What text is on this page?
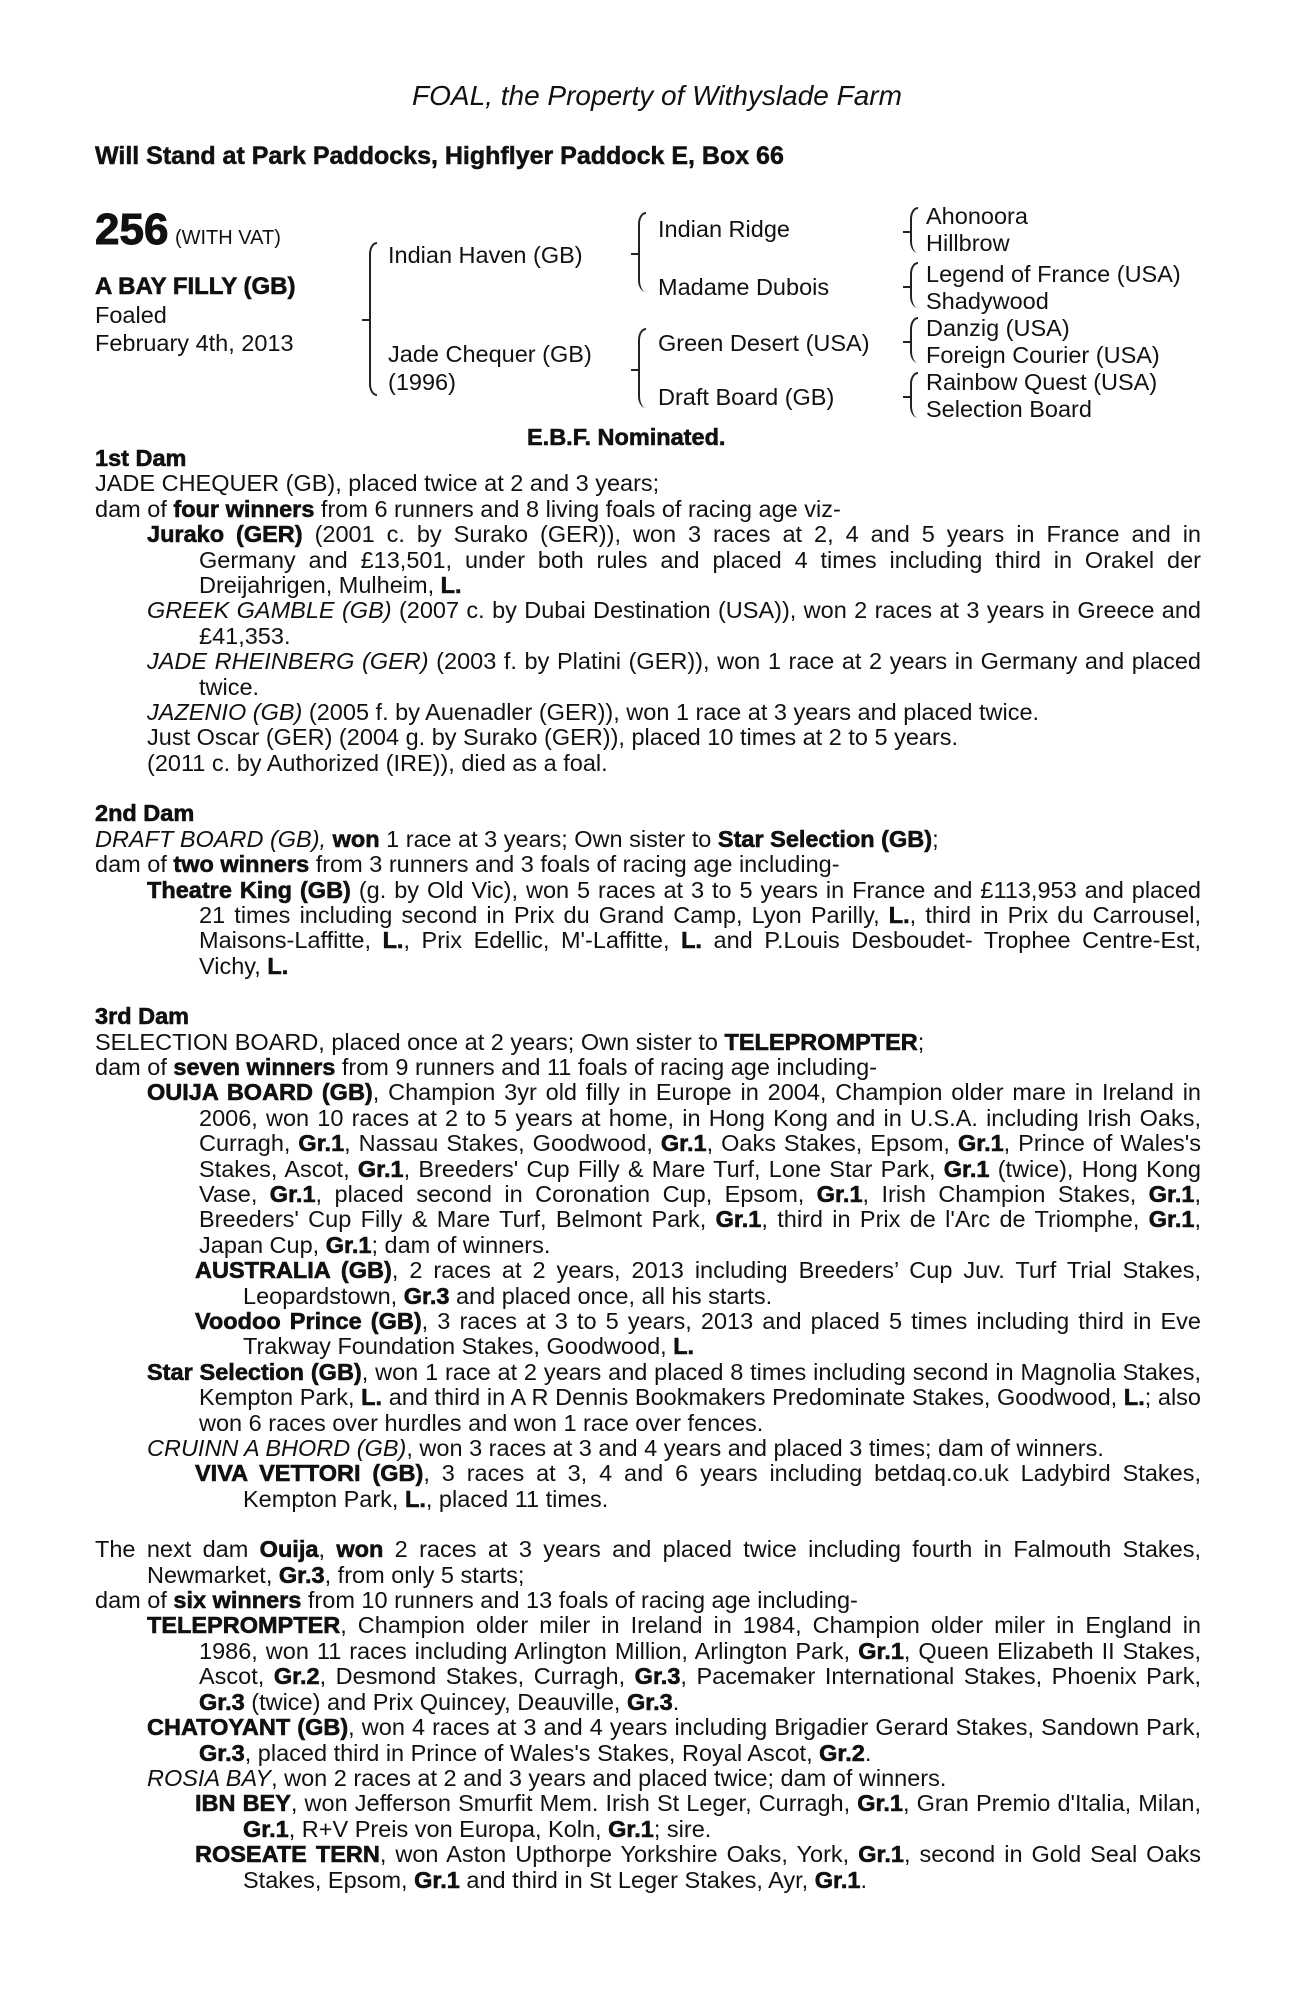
FOAL, the Property of Withyslade Farm
Will Stand at Park Paddocks, Highflyer Paddock E, Box 66
256 (WITH VAT)
A BAY FILLY (GB)
Foaled
February 4th, 2013
Indian Haven (GB)
Jade Chequer (GB)
(1996)
Indian Ridge
Madame Dubois
Green Desert (USA)
Draft Board (GB)
Ahonoora
Hillbrow
Legend of France (USA)
Shadywood
Danzig (USA)
Foreign Courier (USA)
Rainbow Quest (USA)
Selection Board
E.B.F. Nominated.
1st Dam
JADE CHEQUER (GB), placed twice at 2 and 3 years;
dam of four winners from 6 runners and 8 living foals of racing age viz-
Jurako (GER) (2001 c. by Surako (GER)), won 3 races at 2, 4 and 5 years in France and in Germany and £13,501, under both rules and placed 4 times including third in Orakel der Dreijahrigen, Mulheim, L.
GREEK GAMBLE (GB) (2007 c. by Dubai Destination (USA)), won 2 races at 3 years in Greece and £41,353.
JADE RHEINBERG (GER) (2003 f. by Platini (GER)), won 1 race at 2 years in Germany and placed twice.
JAZENIO (GB) (2005 f. by Auenadler (GER)), won 1 race at 3 years and placed twice.
Just Oscar (GER) (2004 g. by Surako (GER)), placed 10 times at 2 to 5 years.
(2011 c. by Authorized (IRE)), died as a foal.
2nd Dam
DRAFT BOARD (GB), won 1 race at 3 years; Own sister to Star Selection (GB);
dam of two winners from 3 runners and 3 foals of racing age including-
Theatre King (GB) (g. by Old Vic), won 5 races at 3 to 5 years in France and £113,953 and placed 21 times including second in Prix du Grand Camp, Lyon Parilly, L., third in Prix du Carrousel, Maisons-Laffitte, L., Prix Edellic, M'-Laffitte, L. and P.Louis Desboudet- Trophee Centre-Est, Vichy, L.
3rd Dam
SELECTION BOARD, placed once at 2 years; Own sister to TELEPROMPTER;
dam of seven winners from 9 runners and 11 foals of racing age including-
OUIJA BOARD (GB), Champion 3yr old filly in Europe in 2004, Champion older mare in Ireland in 2006, won 10 races at 2 to 5 years at home, in Hong Kong and in U.S.A. including Irish Oaks, Curragh, Gr.1, Nassau Stakes, Goodwood, Gr.1, Oaks Stakes, Epsom, Gr.1, Prince of Wales's Stakes, Ascot, Gr.1, Breeders' Cup Filly & Mare Turf, Lone Star Park, Gr.1 (twice), Hong Kong Vase, Gr.1, placed second in Coronation Cup, Epsom, Gr.1, Irish Champion Stakes, Gr.1, Breeders' Cup Filly & Mare Turf, Belmont Park, Gr.1, third in Prix de l'Arc de Triomphe, Gr.1, Japan Cup, Gr.1; dam of winners.
AUSTRALIA (GB), 2 races at 2 years, 2013 including Breeders’ Cup Juv. Turf Trial Stakes, Leopardstown, Gr.3 and placed once, all his starts.
Voodoo Prince (GB), 3 races at 3 to 5 years, 2013 and placed 5 times including third in Eve Trakway Foundation Stakes, Goodwood, L.
Star Selection (GB), won 1 race at 2 years and placed 8 times including second in Magnolia Stakes, Kempton Park, L. and third in A R Dennis Bookmakers Predominate Stakes, Goodwood, L.; also won 6 races over hurdles and won 1 race over fences.
CRUINN A BHORD (GB), won 3 races at 3 and 4 years and placed 3 times; dam of winners.
VIVA VETTORI (GB), 3 races at 3, 4 and 6 years including betdaq.co.uk Ladybird Stakes, Kempton Park, L., placed 11 times.
The next dam Ouija, won 2 races at 3 years and placed twice including fourth in Falmouth Stakes, Newmarket, Gr.3, from only 5 starts;
dam of six winners from 10 runners and 13 foals of racing age including-
TELEPROMPTER, Champion older miler in Ireland in 1984, Champion older miler in England in 1986, won 11 races including Arlington Million, Arlington Park, Gr.1, Queen Elizabeth II Stakes, Ascot, Gr.2, Desmond Stakes, Curragh, Gr.3, Pacemaker International Stakes, Phoenix Park, Gr.3 (twice) and Prix Quincey, Deauville, Gr.3.
CHATOYANT (GB), won 4 races at 3 and 4 years including Brigadier Gerard Stakes, Sandown Park, Gr.3, placed third in Prince of Wales's Stakes, Royal Ascot, Gr.2.
ROSIA BAY, won 2 races at 2 and 3 years and placed twice; dam of winners.
IBN BEY, won Jefferson Smurfit Mem. Irish St Leger, Curragh, Gr.1, Gran Premio d'Italia, Milan, Gr.1, R+V Preis von Europa, Koln, Gr.1; sire.
ROSEATE TERN, won Aston Upthorpe Yorkshire Oaks, York, Gr.1, second in Gold Seal Oaks Stakes, Epsom, Gr.1 and third in St Leger Stakes, Ayr, Gr.1.
